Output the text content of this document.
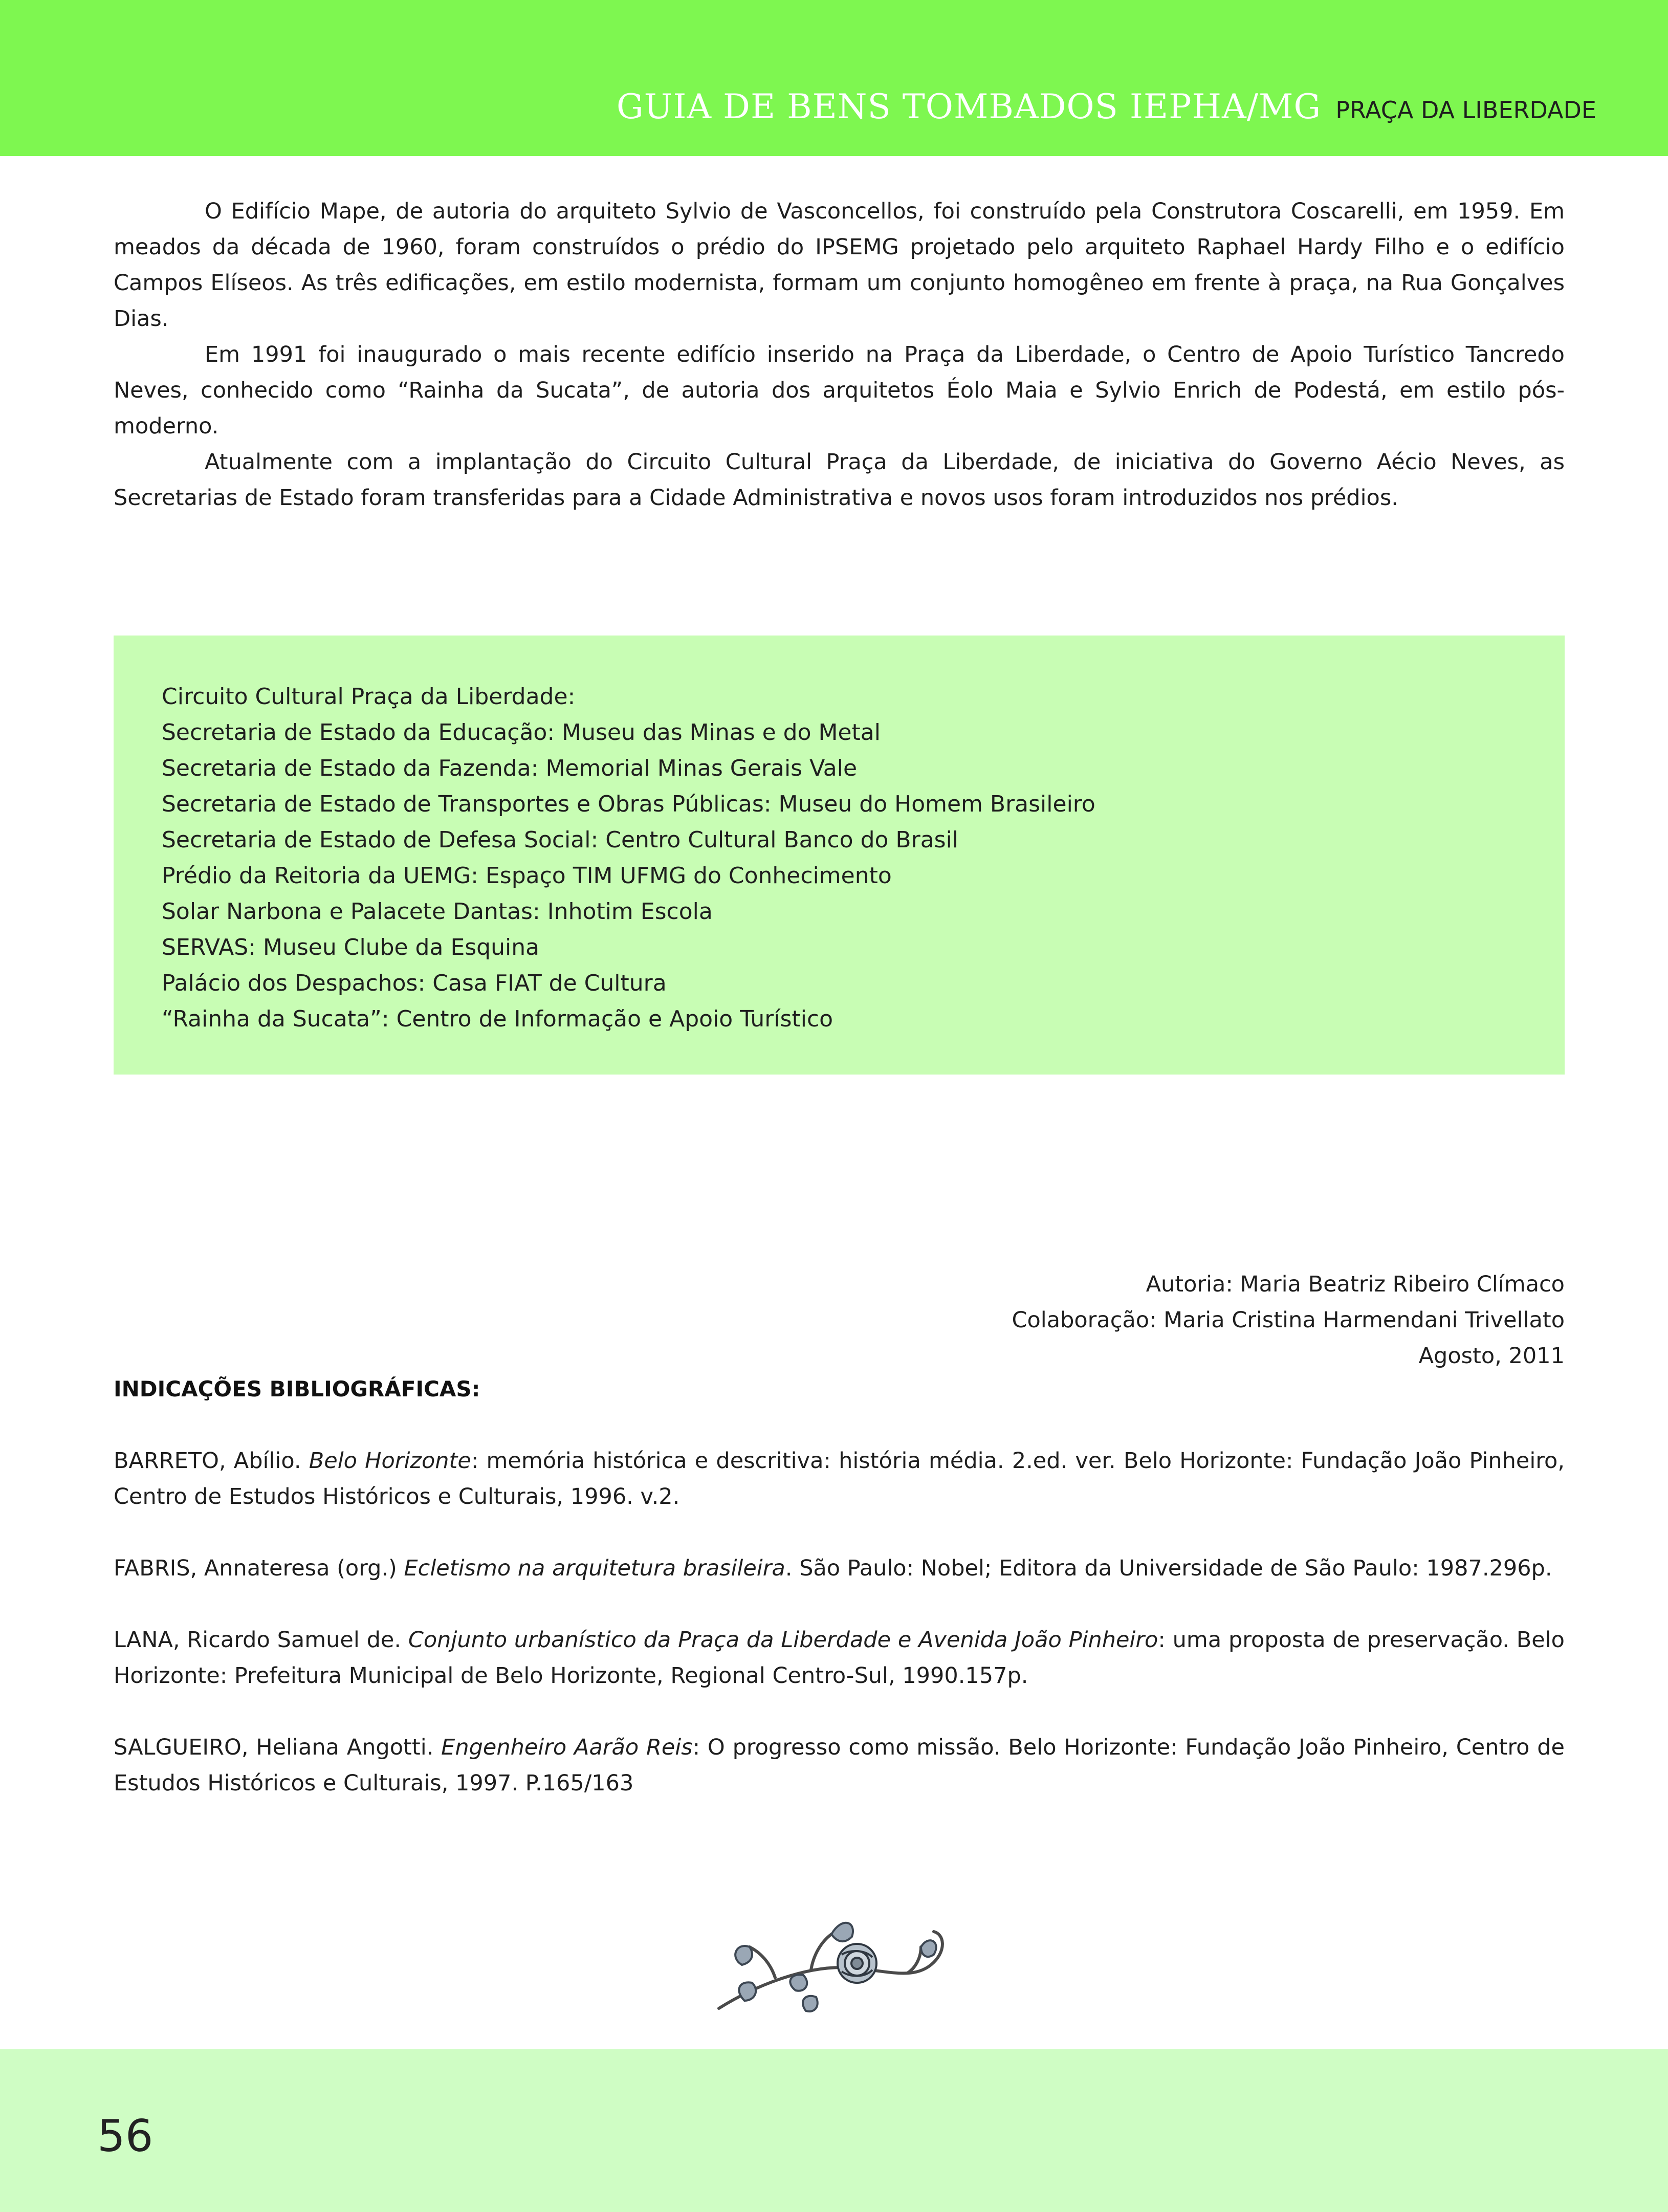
GUIA DE BENS TOMBADOS IEPHA/MG PRAÇA DA LIBERDADE

O Edifício Mape, de autoria do arquiteto Sylvio de Vasconcellos, foi construído pela Construtora Coscarelli, em 1959. Em meados da década de 1960, foram construídos o prédio do IPSEMG projetado pelo arquiteto Raphael Hardy Filho e o edifício Campos Elíseos. As três edificações, em estilo modernista, formam um conjunto homogêneo em frente à praça, na Rua Gonçalves Dias.

Em 1991 foi inaugurado o mais recente edifício inserido na Praça da Liberdade, o Centro de Apoio Turístico Tancredo Neves, conhecido como “Rainha da Sucata”, de autoria dos arquitetos Éolo Maia e Sylvio Enrich de Podestá, em estilo pós-moderno.

Atualmente com a implantação do Circuito Cultural Praça da Liberdade, de iniciativa do Governo Aécio Neves, as Secretarias de Estado foram transferidas para a Cidade Administrativa e novos usos foram introduzidos nos prédios.

Circuito Cultural Praça da Liberdade:
Secretaria de Estado da Educação: Museu das Minas e do Metal
Secretaria de Estado da Fazenda: Memorial Minas Gerais Vale
Secretaria de Estado de Transportes e Obras Públicas: Museu do Homem Brasileiro
Secretaria de Estado de Defesa Social: Centro Cultural Banco do Brasil
Prédio da Reitoria da UEMG: Espaço TIM UFMG do Conhecimento
Solar Narbona e Palacete Dantas: Inhotim Escola
SERVAS: Museu Clube da Esquina
Palácio dos Despachos: Casa FIAT de Cultura
“Rainha da Sucata”: Centro de Informação e Apoio Turístico
Autoria: Maria Beatriz Ribeiro Clímaco
Colaboração: Maria Cristina Harmendani Trivellato
Agosto, 2011
INDICAÇÕES BIBLIOGRÁFICAS:

BARRETO, Abílio. Belo Horizonte: memória histórica e descritiva: história média. 2.ed. ver. Belo Horizonte: Fundação João Pinheiro, Centro de Estudos Históricos e Culturais, 1996. v.2.

FABRIS, Annateresa (org.) Ecletismo na arquitetura brasileira. São Paulo: Nobel; Editora da Universidade de São Paulo: 1987.296p.

LANA, Ricardo Samuel de. Conjunto urbanístico da Praça da Liberdade e Avenida João Pinheiro: uma proposta de preservação. Belo Horizonte: Prefeitura Municipal de Belo Horizonte, Regional Centro-Sul, 1990.157p.

SALGUEIRO, Heliana Angotti. Engenheiro Aarão Reis: O progresso como missão. Belo Horizonte: Fundação João Pinheiro, Centro de Estudos Históricos e Culturais, 1997. P.165/163

56
